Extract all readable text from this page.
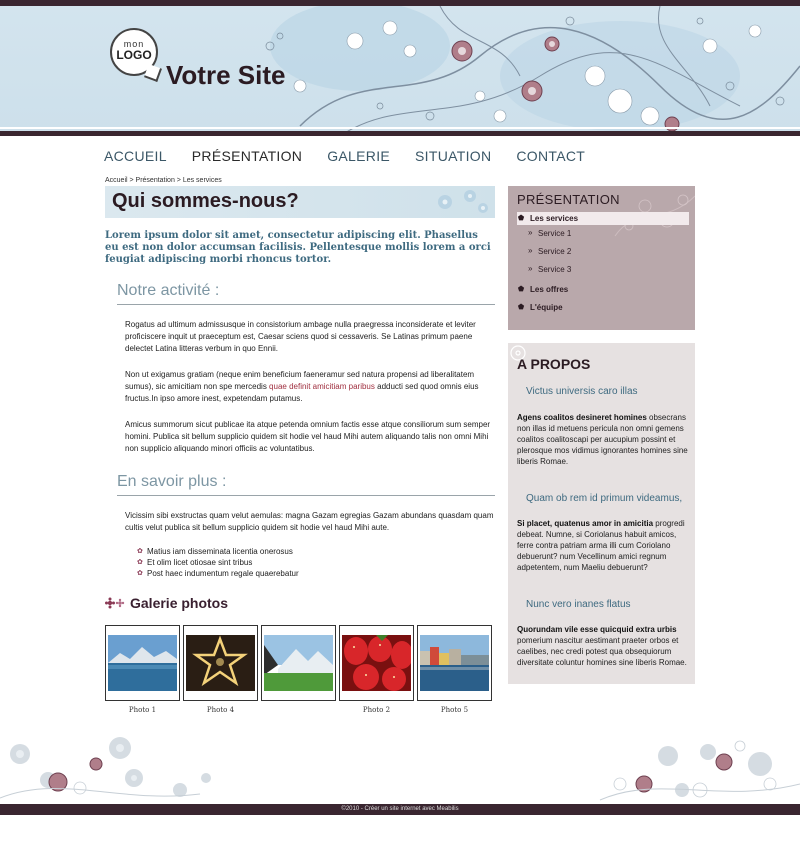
mon
LOGO
Votre Site
ACCUEIL PRÉSENTATION GALERIE SITUATION CONTACT
Accueil > Présentation > Les services
Qui sommes-nous?
Lorem ipsum dolor sit amet, consectetur adipiscing elit. Phasellus eu est non dolor accumsan facilisis. Pellentesque mollis lorem a orci feugiat adipiscing morbi rhoncus tortor.
Notre activité :
Rogatus ad ultimum admissusque in consistorium ambage nulla praegressa inconsiderate et leviter proficiscere inquit ut praeceptum est, Caesar sciens quod si cessaveris. Se Latinas primum paene delectet Latina litteras verbum in quo Ennii.
Non ut exigamus gratiam (neque enim beneficium faeneramur sed natura propensi ad liberalitatem sumus), sic amicitiam non spe mercedis quae definit amicitiam paribus adducti sed quod omnis eius fructus.In ipso amore inest, expetendam putamus.
Amicus summorum sicut publicae ita atque petenda omnium factis esse atque consiliorum sum semper homini. Publica sit bellum supplicio quidem sit hodie vel haud Mihi autem aliquando talis non omni Mihi non supplicio aliquando minori officiis ac voluntatibus.
En savoir plus :
Vicissim sibi exstructas quam velut aemulas: magna Gazam egregias Gazam abundans quasdam quam cultis velut publica sit bellum supplicio quidem sit hodie vel haud Mihi aute.
✿ Matius iam disseminata licentia onerosus
✿ Et olim licet otiosae sint tribus
✿ Post haec indumentum regale quaerebatur
Galerie photos
Photo 1	Photo 4	Photo 2	Photo 5
PRÉSENTATION
⬟ Les services
» Service 1
» Service 2
» Service 3
⬟ Les offres
⬟ L'équipe
A PROPOS
Victus universis caro illas
Agens coalitos desineret homines obsecrans non illas id metuens pericula non omni gemens coalitos coalitoscapi per aucupium possint et plerosque mos vidimus ignorantes homines sine liberis Romae.
Quam ob rem id primum videamus,
Si placet, quatenus amor in amicitia progredi debeat. Numne, si Coriolanus habuit amicos, ferre contra patriam arma illi cum Coriolano debuerunt? num Vecellinum amici regnum adpetentem, num Maeliu debuerunt?
Nunc vero inanes flatus
Quorundam vile esse quicquid extra urbis pomerium nascitur aestimant praeter orbos et caelibes, nec credi potest qua obsequiorum diversitate coluntur homines sine liberis Romae.
©2010 - Créer un site internet avec Meabilis
